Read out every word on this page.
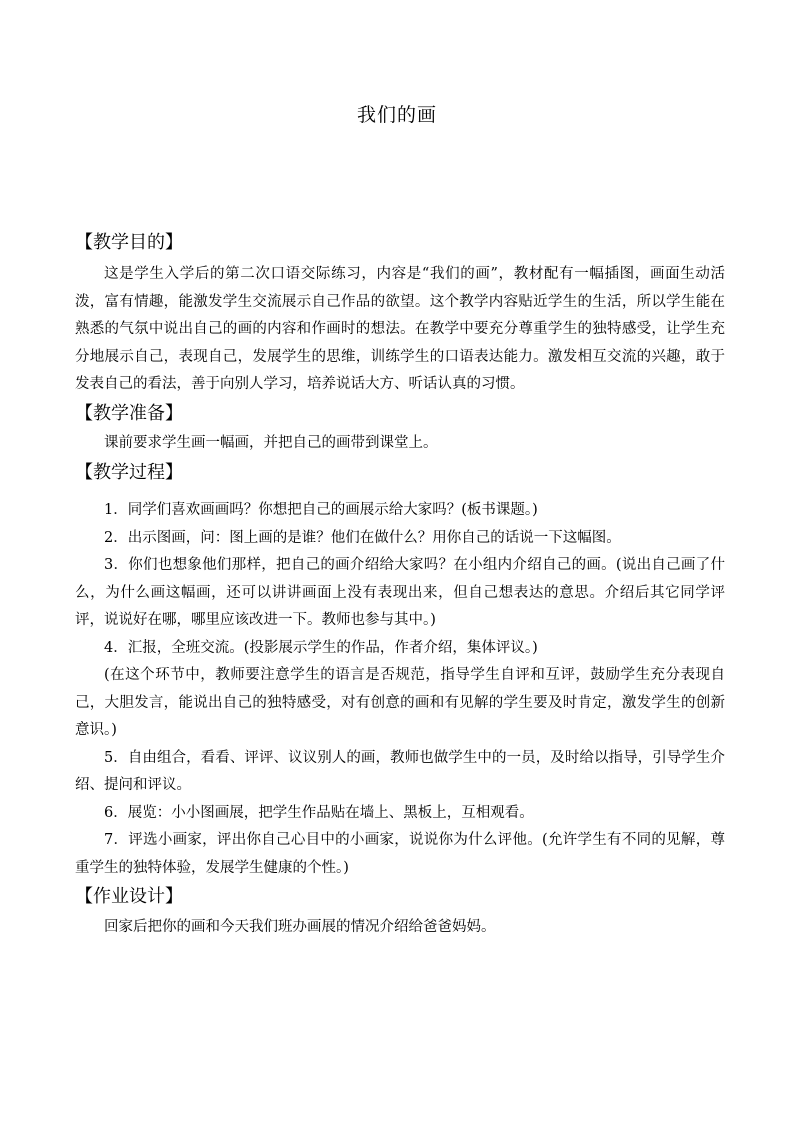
我们的画
【教学目的】

这是学生入学后的第二次口语交际练习，内容是“我们的画”，教材配有一幅插图，画面生动活泼，富有情趣，能激发学生交流展示自己作品的欲望。这个教学内容贴近学生的生活，所以学生能在熟悉的气氛中说出自己的画的内容和作画时的想法。在教学中要充分尊重学生的独特感受，让学生充分地展示自己，表现自己，发展学生的思维，训练学生的口语表达能力。激发相互交流的兴趣，敢于发表自己的看法，善于向别人学习，培养说话大方、听话认真的习惯。

【教学准备】

课前要求学生画一幅画，并把自己的画带到课堂上。

【教学过程】

1．同学们喜欢画画吗？你想把自己的画展示给大家吗？(板书课题。)

2．出示图画，问：图上画的是谁？他们在做什么？用你自己的话说一下这幅图。

3．你们也想象他们那样，把自己的画介绍给大家吗？在小组内介绍自己的画。(说出自己画了什么，为什么画这幅画，还可以讲讲画面上没有表现出来，但自己想表达的意思。介绍后其它同学评评，说说好在哪，哪里应该改进一下。教师也参与其中。)

4．汇报，全班交流。(投影展示学生的作品，作者介绍，集体评议。)

(在这个环节中，教师要注意学生的语言是否规范，指导学生自评和互评，鼓励学生充分表现自己，大胆发言，能说出自己的独特感受，对有创意的画和有见解的学生要及时肯定，激发学生的创新意识。)

5．自由组合，看看、评评、议议别人的画，教师也做学生中的一员，及时给以指导，引导学生介绍、提问和评议。

6．展览：小小图画展，把学生作品贴在墙上、黑板上，互相观看。

7．评选小画家，评出你自己心目中的小画家，说说你为什么评他。(允许学生有不同的见解，尊重学生的独特体验，发展学生健康的个性。)

【作业设计】

回家后把你的画和今天我们班办画展的情况介绍给爸爸妈妈。
